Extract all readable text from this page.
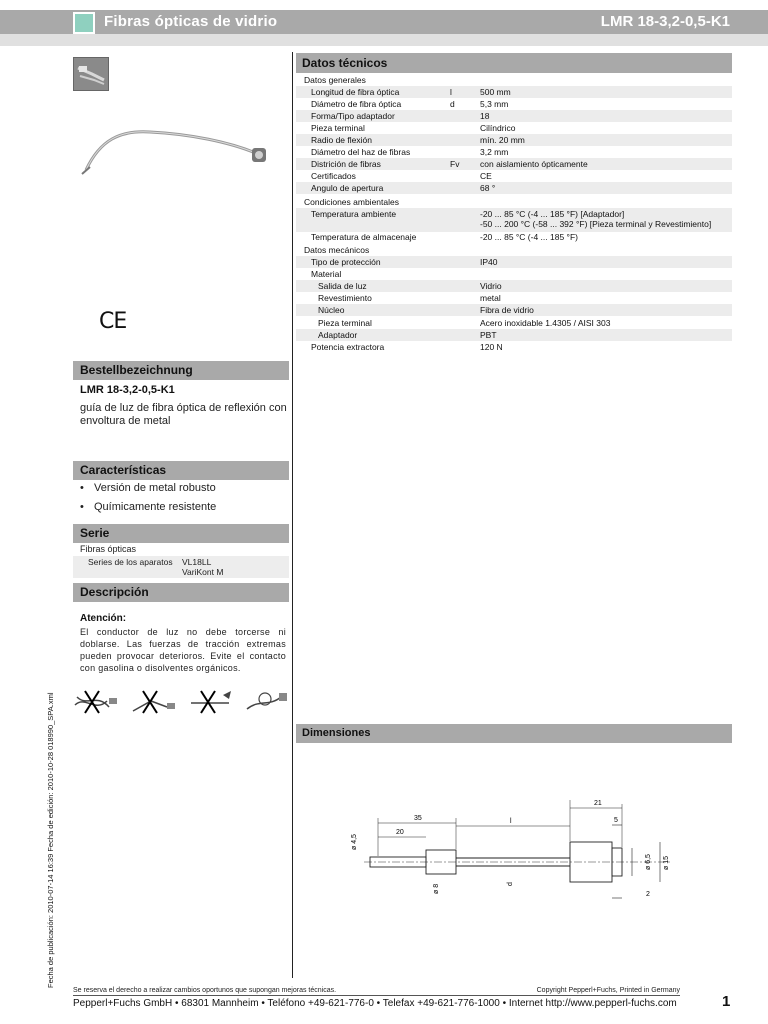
Fibras ópticas de vidrio	LMR 18-3,2-0,5-K1
CE
Bestellbezeichnung
LMR 18-3,2-0,5-K1
guía de luz de fibra óptica de reflexión con envoltura de metal
Características
• Versión de metal robusto
• Químicamente resistente
Serie
Fibras ópticas
Series de los aparatos VL18LL
VariKont M
Descripción
Atención:
El conductor de luz no debe torcerse ni doblarse. Las fuerzas de tracción extremas pueden provocar deterioros. Evite el contacto con gasolina o disolventes orgánicos.
Fecha de publicación: 2010-07-14 16:39 Fecha de edición: 2010-10-28 018990_SPA.xml
Datos técnicos
Datos generales
Longitud de fibra óptica	l	500 mm
Diámetro de fibra óptica	d	5,3 mm
Forma/Tipo adaptador	18
Pieza terminal	Cilíndrico
Radio de flexión	mín. 20 mm
Diámetro del haz de fibras	3,2 mm
Districión de fibras	Fv con aislamiento ópticamente
Certificados	CE
Angulo de apertura	68 °
Condiciones ambientales
Temperatura ambiente	-20 ... 85 °C (-4 ... 185 °F) [Adaptador]
-50 ... 200 °C (-58 ... 392 °F) [Pieza terminal y Revestimiento]
Temperatura de almacenaje	-20 ... 85 °C (-4 ... 185 °F)
Datos mecánicos
Tipo de protección	IP40
Material
Salida de luz	Vidrio
Revestimiento	metal
Núcleo	Fibra de vidrio
Pieza terminal	Acero inoxidable 1.4305 / AISI 303
Adaptador	PBT
Potencia extractora	120 N
Dimensiones
35
20
l
21
5
ø 4,5
ø 8	d
ø 6,5 ø 15
2
Se reserva el derecho a realizar cambios oportunos que supongan mejoras técnicas.	Copyright Pepperl+Fuchs, Printed in Germany
Pepperl+Fuchs GmbH • 68301 Mannheim • Teléfono +49-621-776-0 • Telefax +49-621-776-1000 • Internet http://www.pepperl-fuchs.com	1
